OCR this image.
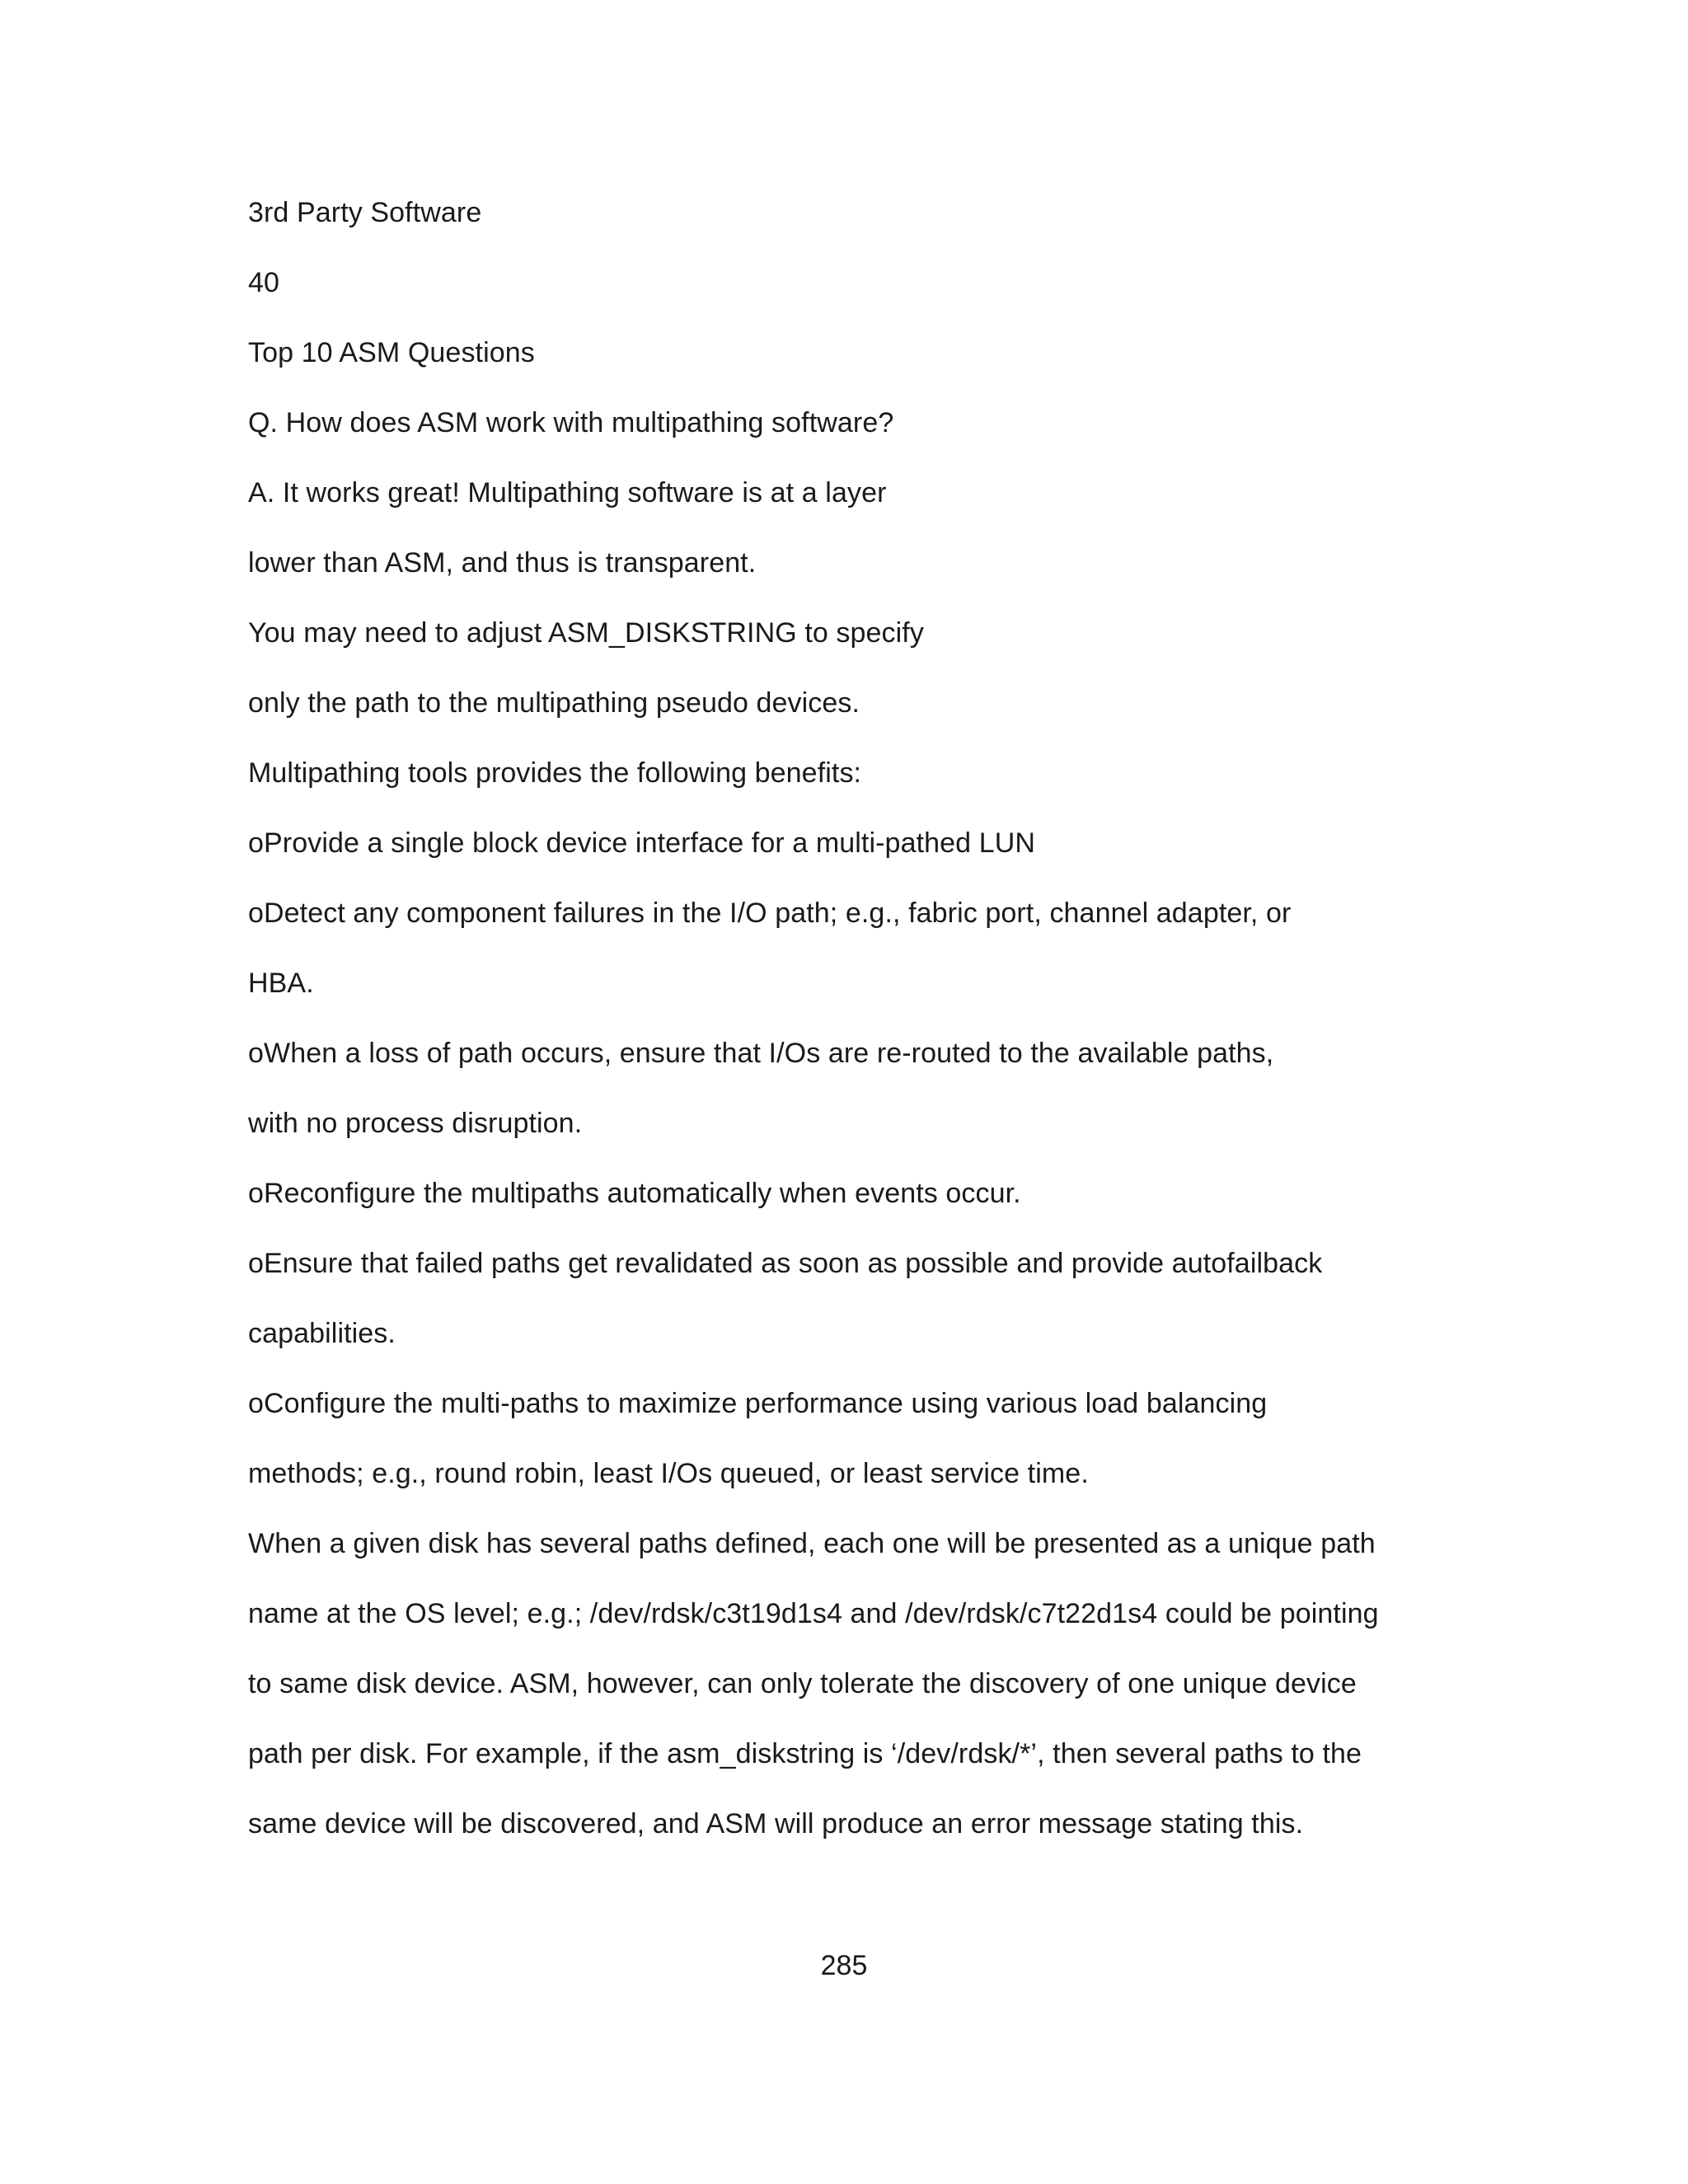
3rd Party Software
40
Top 10 ASM Questions
Q. How does ASM work with multipathing software?
A. It works great! Multipathing software is at a layer
lower than ASM, and thus is transparent.
You may need to adjust ASM_DISKSTRING to specify
only the path to the multipathing pseudo devices.
Multipathing tools provides the following benefits:
oProvide a single block device interface for a multi-pathed LUN
oDetect any component failures in the I/O path; e.g., fabric port, channel adapter, or
HBA.
oWhen a loss of path occurs, ensure that I/Os are re-routed to the available paths,
with no process disruption.
oReconfigure the multipaths automatically when events occur.
oEnsure that failed paths get revalidated as soon as possible and provide autofailback
capabilities.
oConfigure the multi-paths to maximize performance using various load balancing
methods; e.g., round robin, least I/Os queued, or least service time.
When a given disk has several paths defined, each one will be presented as a unique path
name at the OS level; e.g.; /dev/rdsk/c3t19d1s4 and /dev/rdsk/c7t22d1s4 could be pointing
to same disk device. ASM, however, can only tolerate the discovery of one unique device
path per disk. For example, if the asm_diskstring is ‘/dev/rdsk/*’, then several paths to the
same device will be discovered, and ASM will produce an error message stating this.
285
